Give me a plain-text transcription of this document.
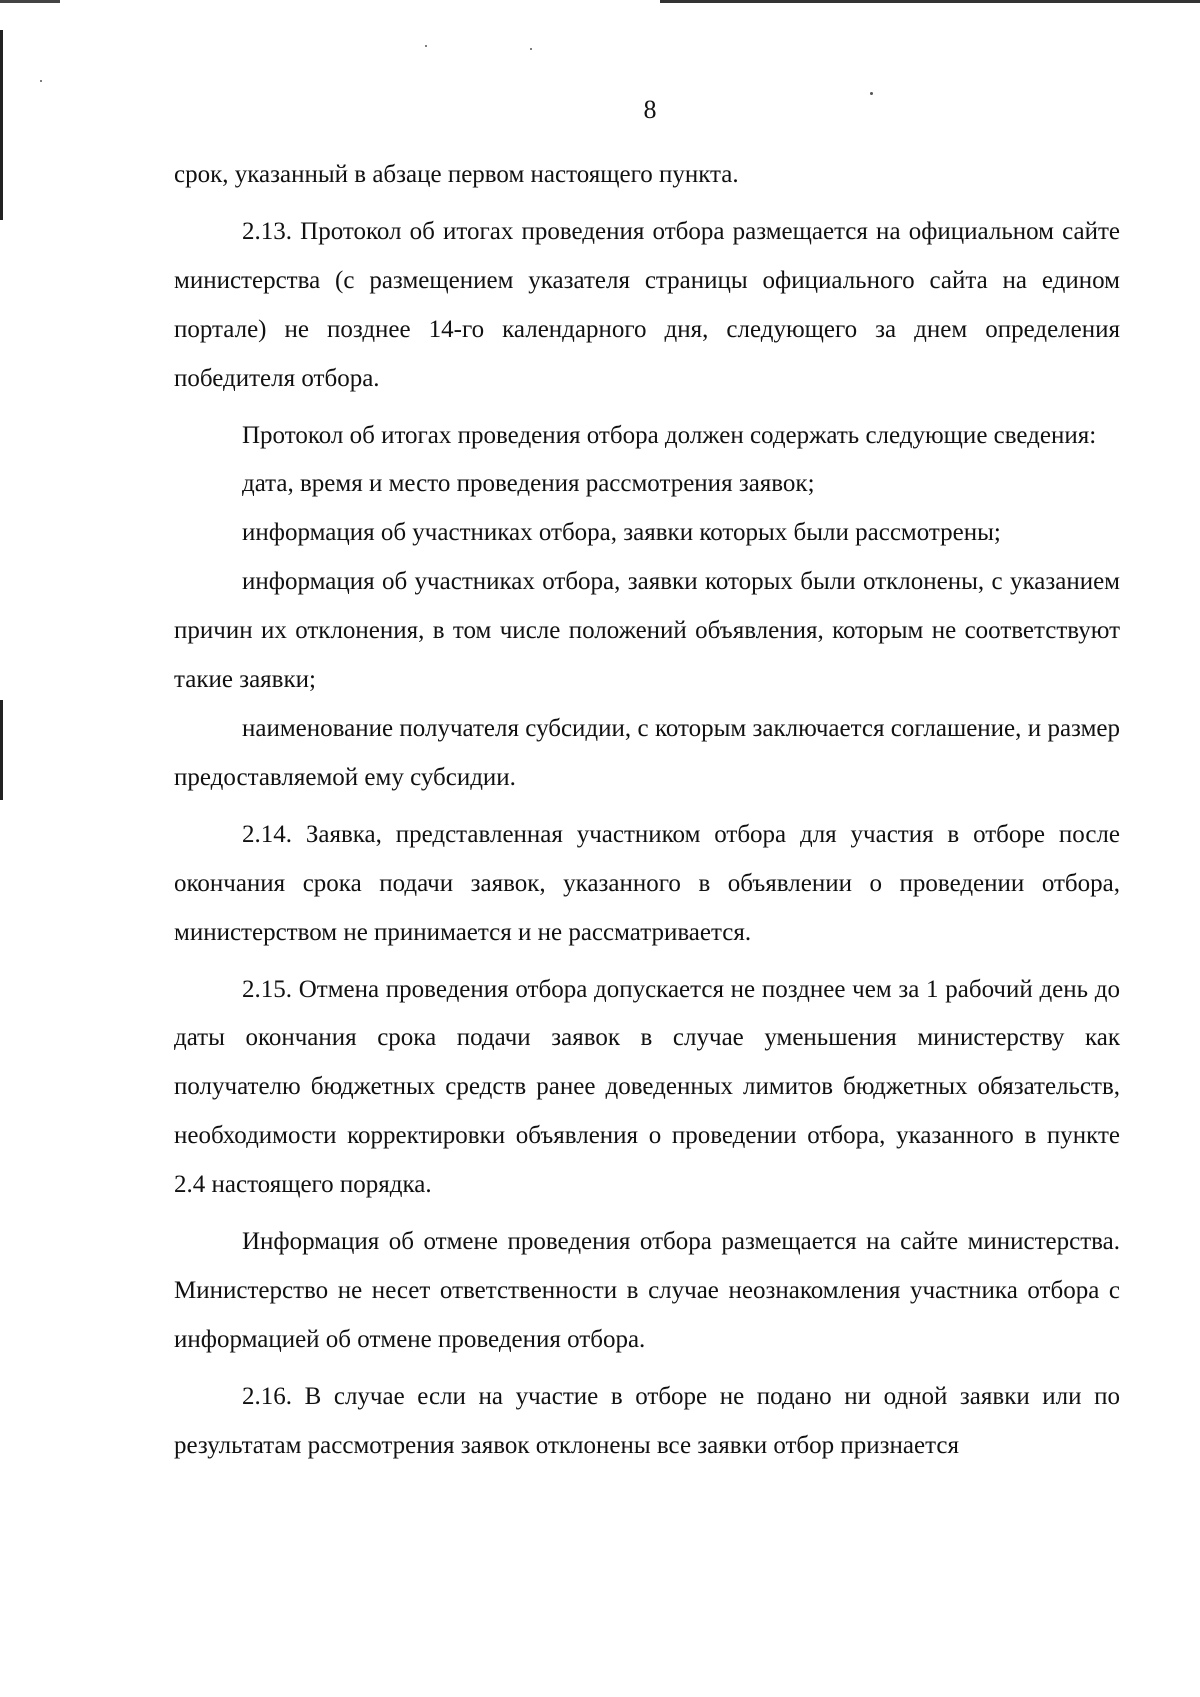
8

срок, указанный в абзаце первом настоящего пункта.

2.13. Протокол об итогах проведения отбора размещается на официальном сайте министерства (с размещением указателя страницы официального сайта на едином портале) не позднее 14-го календарного дня, следующего за днем определения победителя отбора.

Протокол об итогах проведения отбора должен содержать следующие сведения:

дата, время и место проведения рассмотрения заявок;

информация об участниках отбора, заявки которых были рассмотрены;

информация об участниках отбора, заявки которых были отклонены, с указанием причин их отклонения, в том числе положений объявления, которым не соответствуют такие заявки;

наименование получателя субсидии, с которым заключается соглашение, и размер предоставляемой ему субсидии.

2.14. Заявка, представленная участником отбора для участия в отборе после окончания срока подачи заявок, указанного в объявлении о проведении отбора, министерством не принимается и не рассматривается.

2.15. Отмена проведения отбора допускается не позднее чем за 1 рабочий день до даты окончания срока подачи заявок в случае уменьшения министерству как получателю бюджетных средств ранее доведенных лимитов бюджетных обязательств, необходимости корректировки объявления о проведении отбора, указанного в пункте 2.4 настоящего порядка.

Информация об отмене проведения отбора размещается на сайте министерства. Министерство не несет ответственности в случае неознакомления участника отбора с информацией об отмене проведения отбора.

2.16. В случае если на участие в отборе не подано ни одной заявки или по результатам рассмотрения заявок отклонены все заявки отбор признается
